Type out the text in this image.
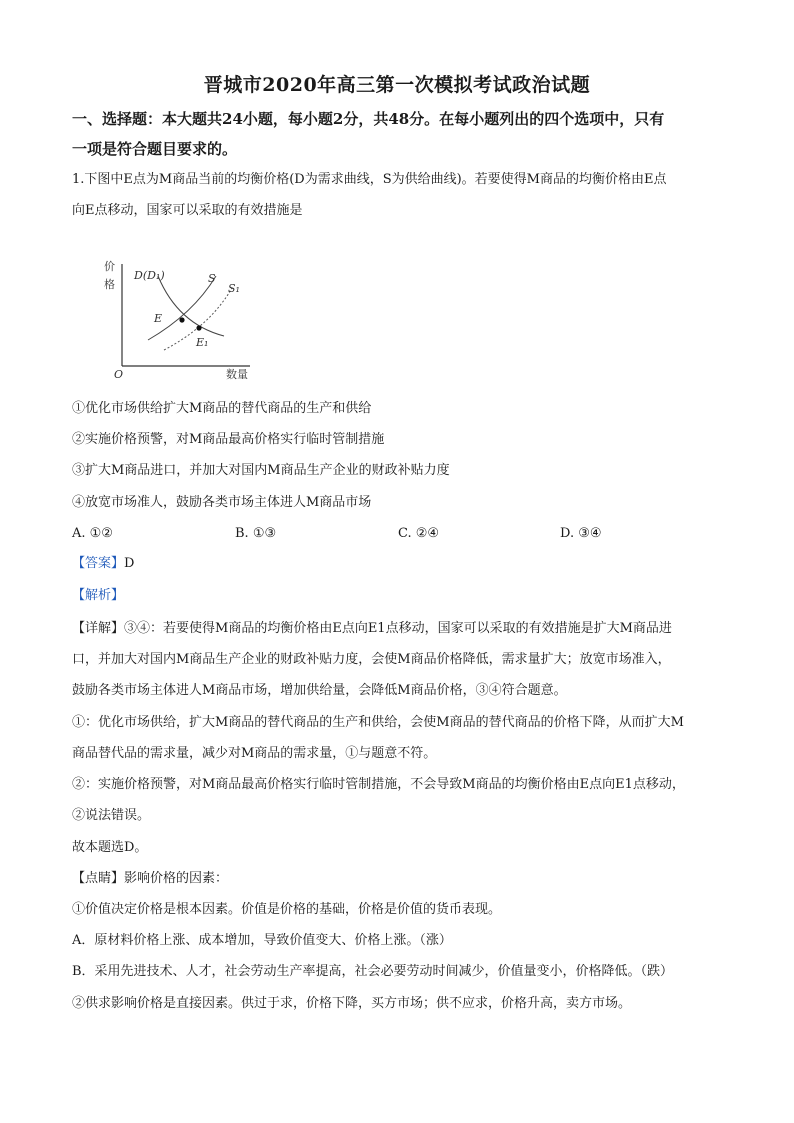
晋城市2020年高三第一次模拟考试政治试题
一、选择题：本大题共24小题，每小题2分，共48分。在每小题列出的四个选项中，只有
一项是符合题目要求的。
1.下图中E点为M商品当前的均衡价格(D为需求曲线，S为供给曲线)。若要使得M商品的均衡价格由E点
向E点移动，国家可以采取的有效措施是
价
格
O	数量
D(D₁)	S
S₁
E
E₁
①优化市场供给扩大M商品的替代商品的生产和供给
②实施价格预警，对M商品最高价格实行临时管制措施
③扩大M商品进口，并加大对国内M商品生产企业的财政补贴力度
④放宽市场准人，鼓励各类市场主体进人M商品市场
A. ①②	B. ①③	C. ②④	D. ③④
【答案】D
【解析】
【详解】③④：若要使得M商品的均衡价格由E点向E1点移动，国家可以采取的有效措施是扩大M商品进
口，并加大对国内M商品生产企业的财政补贴力度，会使M商品价格降低，需求量扩大；放宽市场准入，
鼓励各类市场主体进人M商品市场，增加供给量，会降低M商品价格，③④符合题意。
①：优化市场供给，扩大M商品的替代商品的生产和供给，会使M商品的替代商品的价格下降，从而扩大M
商品替代品的需求量，减少对M商品的需求量，①与题意不符。
②：实施价格预警，对M商品最高价格实行临时管制措施，不会导致M商品的均衡价格由E点向E1点移动，
②说法错误。
故本题选D。
【点睛】影响价格的因素：
①价值决定价格是根本因素。价值是价格的基础，价格是价值的货币表现。
A．原材料价格上涨、成本增加，导致价值变大、价格上涨。（涨）
B．采用先进技术、人才，社会劳动生产率提高，社会必要劳动时间减少，价值量变小，价格降低。（跌）
②供求影响价格是直接因素。供过于求，价格下降，买方市场；供不应求，价格升高，卖方市场。
